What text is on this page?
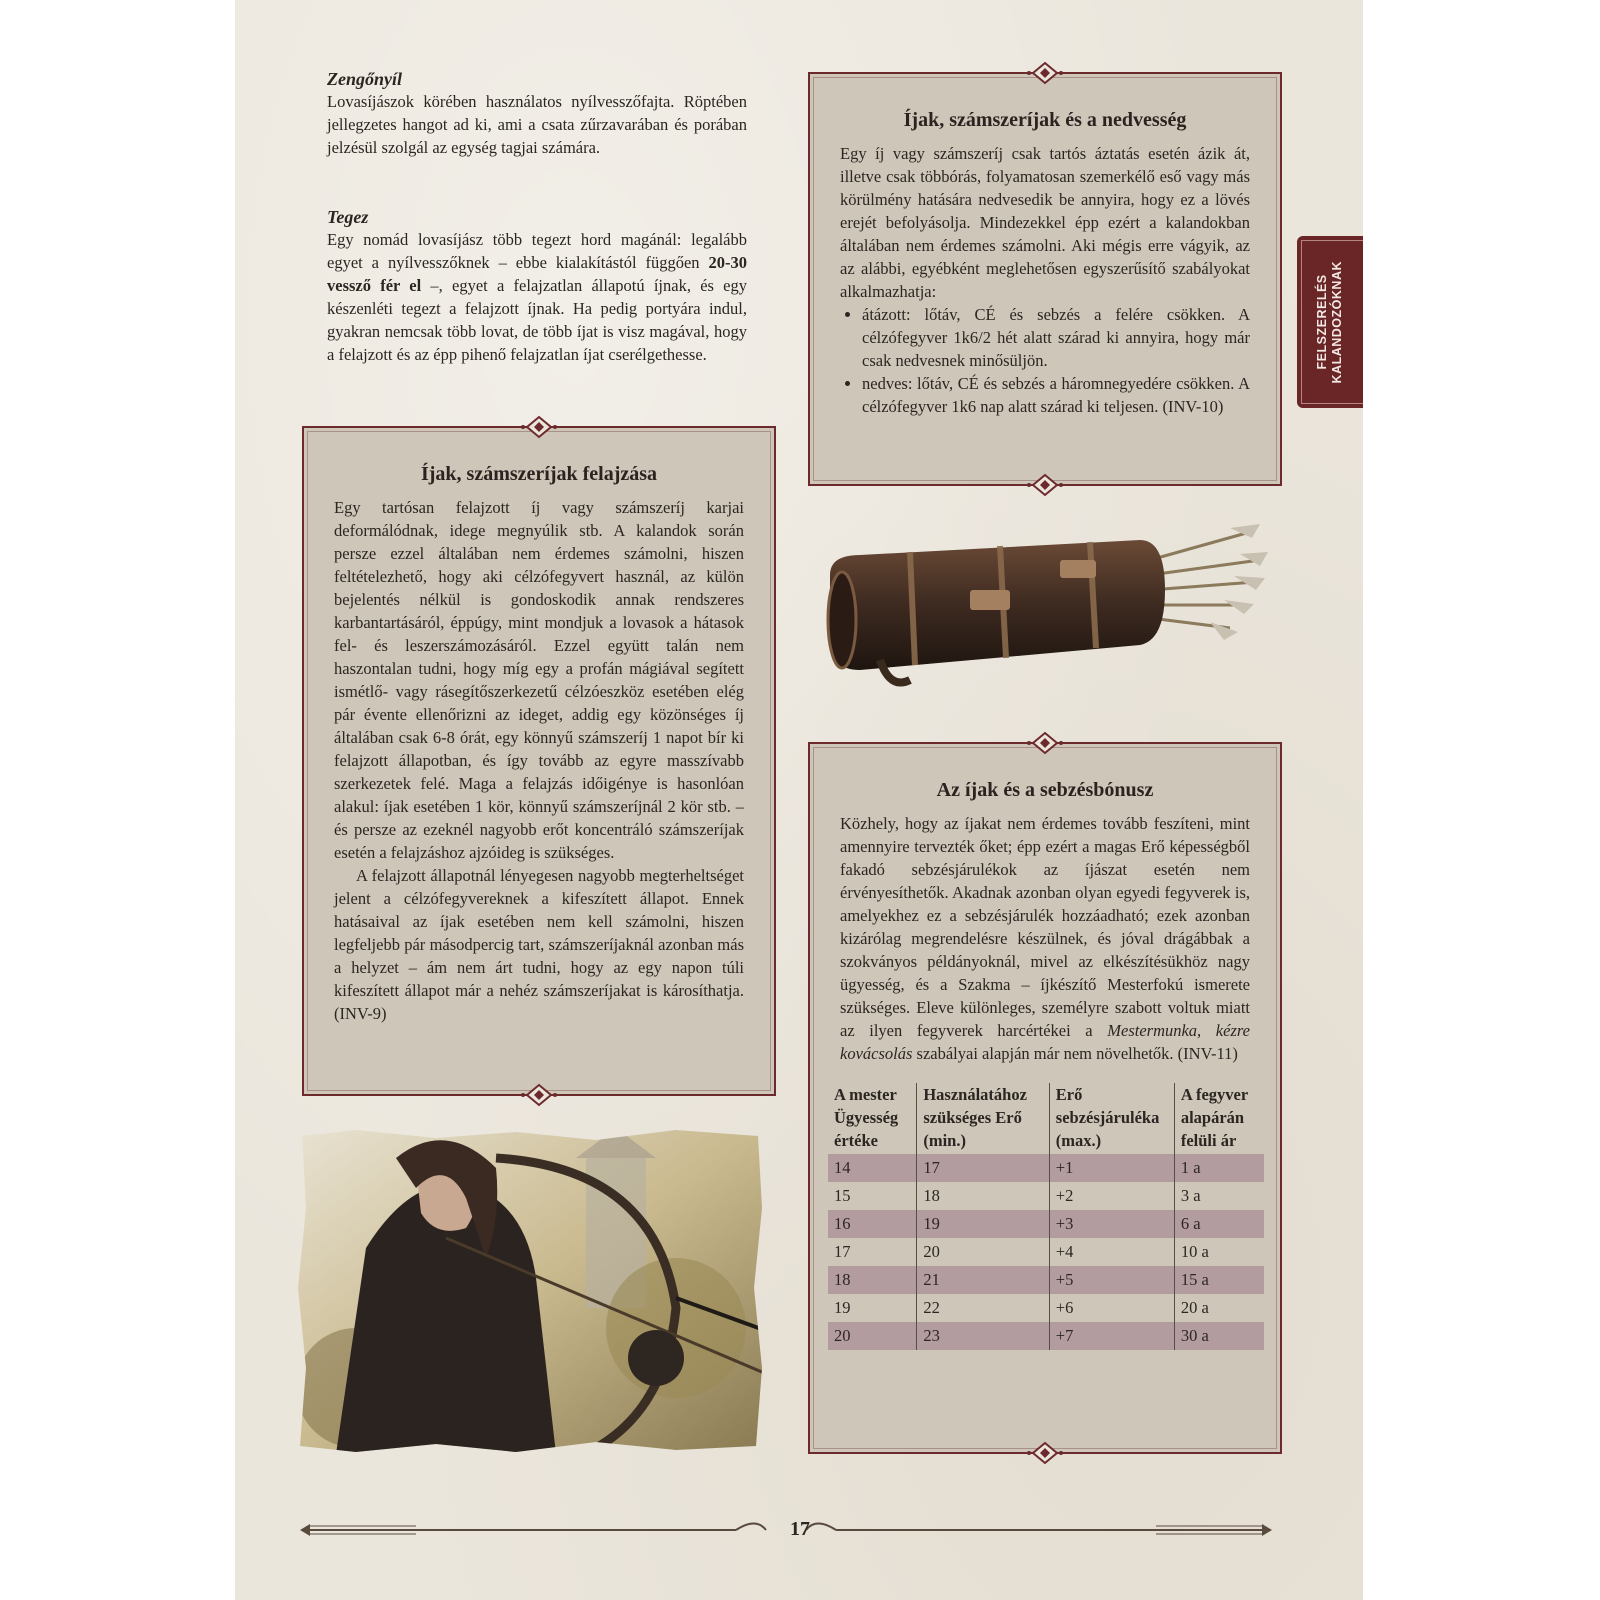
FELSZERELÉS KALANDOZÓKNAK
Zengőnyíl

Lovasíjászok körében használatos nyílvesszőfajta. Röptében jellegzetes hangot ad ki, ami a csata zűrzavarában és porában jelzésül szolgál az egység tagjai számára.

Tegez

Egy nomád lovasíjász több tegezt hord magánál: legalább egyet a nyílvesszőknek – ebbe kialakítástól függően 20-30 vessző fér el –, egyet a felajzatlan állapotú íjnak, és egy készenléti tegezt a felajzott íjnak. Ha pedig portyára indul, gyakran nemcsak több lovat, de több íjat is visz magával, hogy a felajzott és az épp pihenő felajzatlan íjat cserélgethesse.

Íjak, számszeríjak felajzása

Egy tartósan felajzott íj vagy számszeríj karjai deformálódnak, idege megnyúlik stb. A kalandok során persze ezzel általában nem érdemes számolni, hiszen feltételezhető, hogy aki célzófegyvert használ, az külön bejelentés nélkül is gondoskodik annak rendszeres karbantartásáról, éppúgy, mint mondjuk a lovasok a hátasok fel- és leszerszámozásáról. Ezzel együtt talán nem haszontalan tudni, hogy míg egy a profán mágiával segített ismétlő- vagy rásegítőszerkezetű célzóeszköz esetében elég pár évente ellenőrizni az ideget, addig egy közönséges íj általában csak 6-8 órát, egy könnyű számszeríj 1 napot bír ki felajzott állapotban, és így tovább az egyre masszívabb szerkezetek felé. Maga a felajzás időigénye is hasonlóan alakul: íjak esetében 1 kör, könnyű számszeríjnál 2 kör stb. – és persze az ezeknél nagyobb erőt koncentráló számszeríjak esetén a felajzáshoz ajzóideg is szükséges.

A felajzott állapotnál lényegesen nagyobb megterheltséget jelent a célzófegyvereknek a kifeszített állapot. Ennek hatásaival az íjak esetében nem kell számolni, hiszen legfeljebb pár másodpercig tart, számszeríjaknál azonban más a helyzet – ám nem árt tudni, hogy az egy napon túli kifeszített állapot már a nehéz számszeríjakat is károsíthatja. (INV-9)

Íjak, számszeríjak és a nedvesség

Egy íj vagy számszeríj csak tartós áztatás esetén ázik át, illetve csak többórás, folyamatosan szemerkélő eső vagy más körülmény hatására nedvesedik be annyira, hogy ez a lövés erejét befolyásolja. Mindezekkel épp ezért a kalandokban általában nem érdemes számolni. Aki mégis erre vágyik, az az alábbi, egyébként meglehetősen egyszerűsítő szabályokat alkalmazhatja:

• átázott: lőtáv, CÉ és sebzés a felére csökken. A célzófegyver 1k6/2 hét alatt szárad ki annyira, hogy már csak nedvesnek minősüljön.
• nedves: lőtáv, CÉ és sebzés a háromnegyedére csökken. A célzófegyver 1k6 nap alatt szárad ki teljesen. (INV-10)
Az íjak és a sebzésbónusz

Közhely, hogy az íjakat nem érdemes tovább feszíteni, mint amennyire tervezték őket; épp ezért a magas Erő képességből fakadó sebzésjárulékok az íjászat esetén nem érvényesíthetők. Akadnak azonban olyan egyedi fegyverek is, amelyekhez ez a sebzésjárulék hozzáadható; ezek azonban kizárólag megrendelésre készülnek, és jóval drágábbak a szokványos példányoknál, mivel az elkészítésükhöz nagy ügyesség, és a Szakma – íjkészítő Mesterfokú ismerete szükséges. Eleve különleges, személyre szabott voltuk miatt az ilyen fegyverek harcértékei a Mestermunka, kézre kovácsolás szabályai alapján már nem növelhetők. (INV-11)

A mester Ügyesség értéke	Használatához szükséges Erő (min.)	Erő sebzésjáruléka (max.)	A fegyver alapárán felüli ár
14	17	+1	1 a
15	18	+2	3 a
16	19	+3	6 a
17	20	+4	10 a
18	21	+5	15 a
19	22	+6	20 a
20	23	+7	30 a
17
